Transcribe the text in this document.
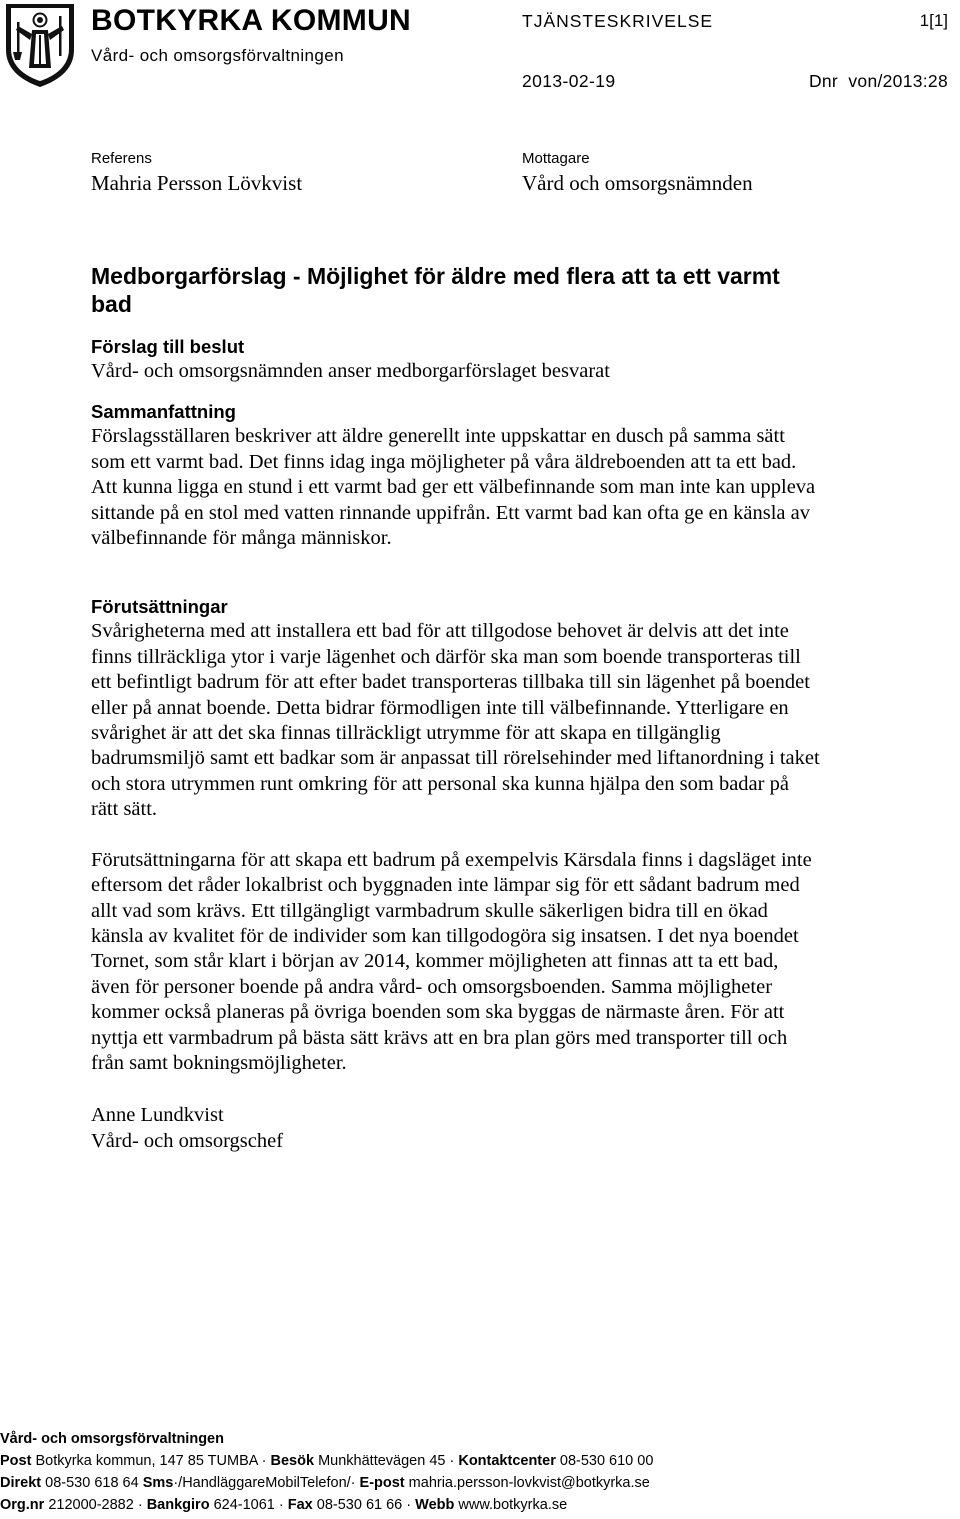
BOTKYRKA KOMMUN
Vård- och omsorgsförvaltningen
TJÄNSTESKRIVELSE	1[1]
2013-02-19	Dnr  von/2013:28
Referens
Mahria Persson Lövkvist
Mottagare
Vård och omsorgsnämnden
Medborgarförslag - Möjlighet för äldre med flera att ta ett varmt bad
Förslag till beslut

Vård- och omsorgsnämnden anser medborgarförslaget besvarat

Sammanfattning

Förslagsställaren beskriver att äldre generellt inte uppskattar en dusch på samma sätt som ett varmt bad. Det finns idag inga möjligheter på våra äldreboenden att ta ett bad. Att kunna ligga en stund i ett varmt bad ger ett välbefinnande som man inte kan uppleva sittande på en stol med vatten rinnande uppifrån. Ett varmt bad kan ofta ge en känsla av välbefinnande för många människor.

Förutsättningar

Svårigheterna med att installera ett bad för att tillgodose behovet är delvis att det inte finns tillräckliga ytor i varje lägenhet och därför ska man som boende transporteras till ett befintligt badrum för att efter badet transporteras tillbaka till sin lägenhet på boendet eller på annat boende. Detta bidrar förmodligen inte till välbefinnande. Ytterligare en svårighet är att det ska finnas tillräckligt utrymme för att skapa en tillgänglig badrumsmiljö samt ett badkar som är anpassat till rörelsehinder med liftanordning i taket och stora utrymmen runt omkring för att personal ska kunna hjälpa den som badar på rätt sätt.

Förutsättningarna för att skapa ett badrum på exempelvis Kärsdala finns i dagsläget inte eftersom det råder lokalbrist och byggnaden inte lämpar sig för ett sådant badrum med allt vad som krävs. Ett tillgängligt varmbadrum skulle säkerligen bidra till en ökad känsla av kvalitet för de individer som kan tillgodogöra sig insatsen. I det nya boendet Tornet, som står klart i början av 2014, kommer möjligheten att finnas att ta ett bad, även för personer boende på andra vård- och omsorgsboenden. Samma möjligheter kommer också planeras på övriga boenden som ska byggas de närmaste åren. För att nyttja ett varmbadrum på bästa sätt krävs att en bra plan görs med transporter till och från samt bokningsmöjligheter.

Anne Lundkvist

Vård- och omsorgschef

Vård- och omsorgsförvaltningen
Post Botkyrka kommun, 147 85 TUMBA · Besök Munkhättevägen 45 · Kontaktcenter 08-530 610 00
Direkt 08-530 618 64 Sms·/HandläggareMobilTelefon/· E-post mahria.persson-lovkvist@botkyrka.se
Org.nr 212000-2882 · Bankgiro 624-1061 · Fax 08-530 61 66 · Webb www.botkyrka.se
